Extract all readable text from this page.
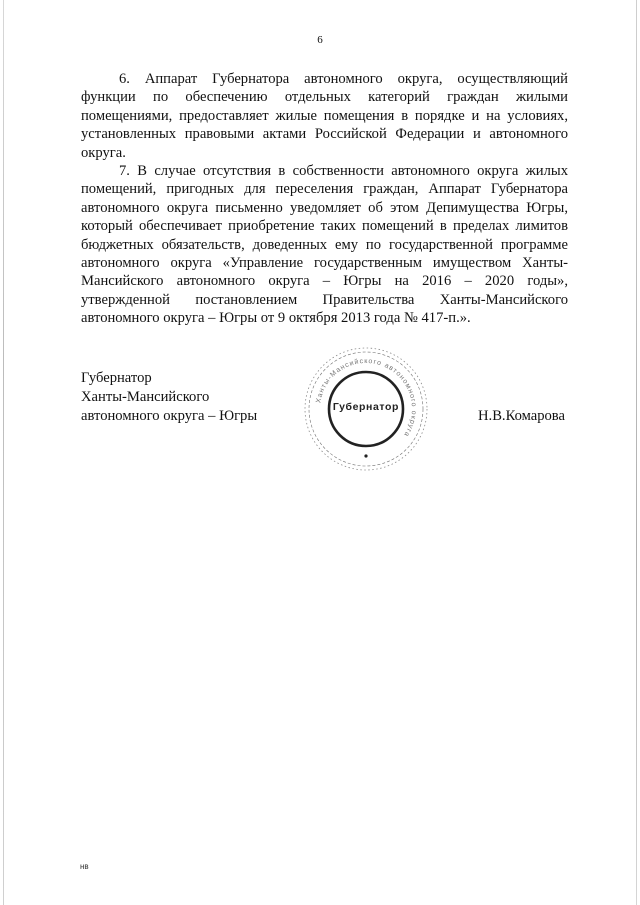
6

6. Аппарат Губернатора автономного округа, осуществляющий функции по обеспечению отдельных категорий граждан жилыми помещениями, предоставляет жилые помещения в порядке и на условиях, установленных правовыми актами Российской Федерации и автономного округа.

7. В случае отсутствия в собственности автономного округа жилых помещений, пригодных для переселения граждан, Аппарат Губернатора автономного округа письменно уведомляет об этом Депимущества Югры, который обеспечивает приобретение таких помещений в пределах лимитов бюджетных обязательств, доведенных ему по государственной программе автономного округа «Управление государственным имуществом Ханты-Мансийского автономного округа – Югры на 2016 – 2020 годы», утвержденной постановлением Правительства Ханты-Мансийского автономного округа – Югры от 9 октября 2013 года № 417-п.».

Губернатор
Ханты-Мансийского
автономного округа – Югры
Ханты-Мансийского автономного округа
Губернатор
Н.В.Комарова
нв
